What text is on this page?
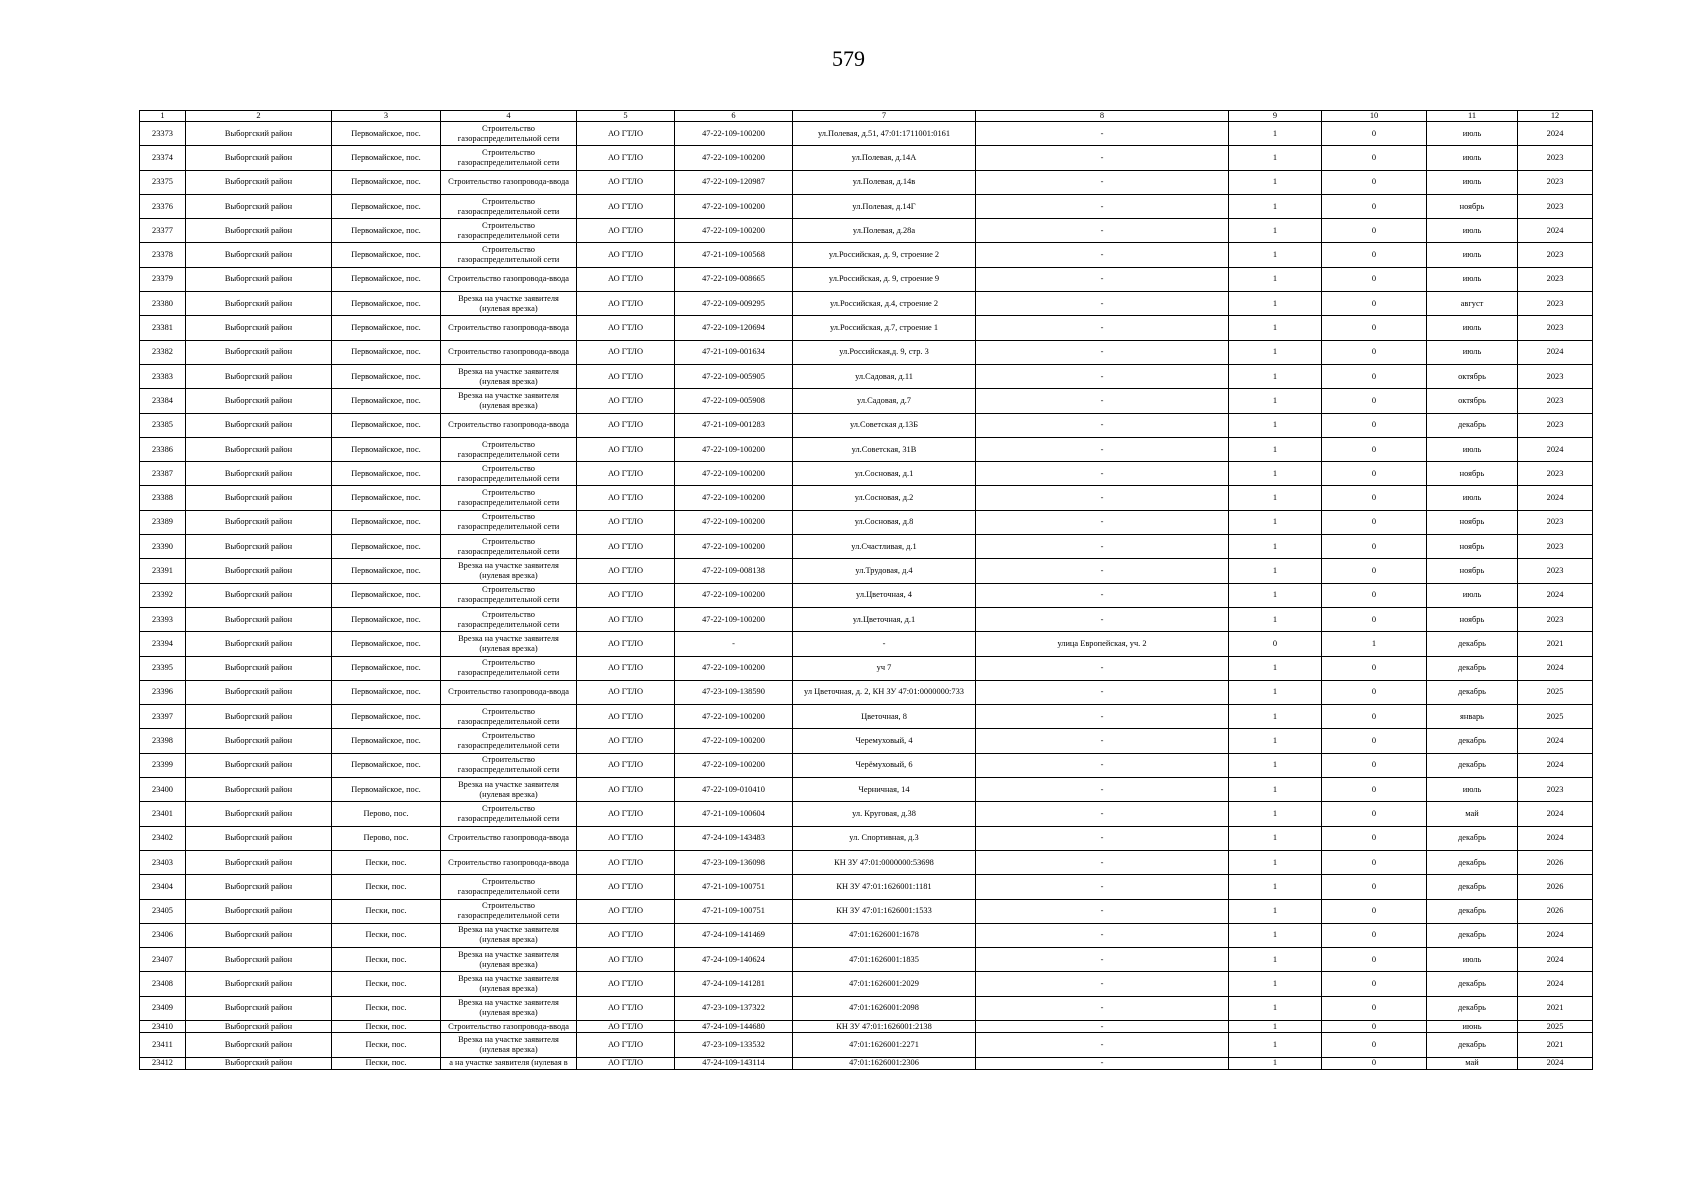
579
1	2	3	4	5	6	7	8	9	10	11	12
23373	Выборгский район	Первомайское, пос.	Строительство газораспределительной сети	АО ГТЛО	47-22-109-100200	ул.Полевая, д.51, 47:01:1711001:0161	-	1	0	июль	2024
23374	Выборгский район	Первомайское, пос.	Строительство газораспределительной сети	АО ГТЛО	47-22-109-100200	ул.Полевая, д.14А	-	1	0	июль	2023
23375	Выборгский район	Первомайское, пос.	Строительство газопровода-ввода	АО ГТЛО	47-22-109-120987	ул.Полевая, д.14в	-	1	0	июль	2023
23376	Выборгский район	Первомайское, пос.	Строительство газораспределительной сети	АО ГТЛО	47-22-109-100200	ул.Полевая, д.14Г	-	1	0	ноябрь	2023
23377	Выборгский район	Первомайское, пос.	Строительство газораспределительной сети	АО ГТЛО	47-22-109-100200	ул.Полевая, д.28а	-	1	0	июль	2024
23378	Выборгский район	Первомайское, пос.	Строительство газораспределительной сети	АО ГТЛО	47-21-109-100568	ул.Российская, д. 9, строение 2	-	1	0	июль	2023
23379	Выборгский район	Первомайское, пос.	Строительство газопровода-ввода	АО ГТЛО	47-22-109-008665	ул.Российская, д. 9, строение 9	-	1	0	июль	2023
23380	Выборгский район	Первомайское, пос.	Врезка на участке заявителя (нулевая врезка)	АО ГТЛО	47-22-109-009295	ул.Российская, д.4, строение 2	-	1	0	август	2023
23381	Выборгский район	Первомайское, пос.	Строительство газопровода-ввода	АО ГТЛО	47-22-109-120694	ул.Российская, д.7, строение 1	-	1	0	июль	2023
23382	Выборгский район	Первомайское, пос.	Строительство газопровода-ввода	АО ГТЛО	47-21-109-001634	ул.Российская,д. 9, стр. 3	-	1	0	июль	2024
23383	Выборгский район	Первомайское, пос.	Врезка на участке заявителя (нулевая врезка)	АО ГТЛО	47-22-109-005905	ул.Садовая, д.11	-	1	0	октябрь	2023
23384	Выборгский район	Первомайское, пос.	Врезка на участке заявителя (нулевая врезка)	АО ГТЛО	47-22-109-005908	ул.Садовая, д.7	-	1	0	октябрь	2023
23385	Выборгский район	Первомайское, пос.	Строительство газопровода-ввода	АО ГТЛО	47-21-109-001283	ул.Советская д.13Б	-	1	0	декабрь	2023
23386	Выборгский район	Первомайское, пос.	Строительство газораспределительной сети	АО ГТЛО	47-22-109-100200	ул.Советская, 31В	-	1	0	июль	2024
23387	Выборгский район	Первомайское, пос.	Строительство газораспределительной сети	АО ГТЛО	47-22-109-100200	ул.Сосновая, д.1	-	1	0	ноябрь	2023
23388	Выборгский район	Первомайское, пос.	Строительство газораспределительной сети	АО ГТЛО	47-22-109-100200	ул.Сосновая, д.2	-	1	0	июль	2024
23389	Выборгский район	Первомайское, пос.	Строительство газораспределительной сети	АО ГТЛО	47-22-109-100200	ул.Сосновая, д.8	-	1	0	ноябрь	2023
23390	Выборгский район	Первомайское, пос.	Строительство газораспределительной сети	АО ГТЛО	47-22-109-100200	ул.Счастливая, д.1	-	1	0	ноябрь	2023
23391	Выборгский район	Первомайское, пос.	Врезка на участке заявителя (нулевая врезка)	АО ГТЛО	47-22-109-008138	ул.Трудовая, д.4	-	1	0	ноябрь	2023
23392	Выборгский район	Первомайское, пос.	Строительство газораспределительной сети	АО ГТЛО	47-22-109-100200	ул.Цветочная, 4	-	1	0	июль	2024
23393	Выборгский район	Первомайское, пос.	Строительство газораспределительной сети	АО ГТЛО	47-22-109-100200	ул.Цветочная, д.1	-	1	0	ноябрь	2023
23394	Выборгский район	Первомайское, пос.	Врезка на участке заявителя (нулевая врезка)	АО ГТЛО	-	-	улица Европейская, уч. 2	0	1	декабрь	2021
23395	Выборгский район	Первомайское, пос.	Строительство газораспределительной сети	АО ГТЛО	47-22-109-100200	уч 7	-	1	0	декабрь	2024
23396	Выборгский район	Первомайское, пос.	Строительство газопровода-ввода	АО ГТЛО	47-23-109-138590	ул Цветочная, д. 2, КН ЗУ 47:01:0000000:733	-	1	0	декабрь	2025
23397	Выборгский район	Первомайское, пос.	Строительство газораспределительной сети	АО ГТЛО	47-22-109-100200	Цветочная, 8	-	1	0	январь	2025
23398	Выборгский район	Первомайское, пос.	Строительство газораспределительной сети	АО ГТЛО	47-22-109-100200	Черемуховый, 4	-	1	0	декабрь	2024
23399	Выборгский район	Первомайское, пос.	Строительство газораспределительной сети	АО ГТЛО	47-22-109-100200	Черёмуховый, 6	-	1	0	декабрь	2024
23400	Выборгский район	Первомайское, пос.	Врезка на участке заявителя (нулевая врезка)	АО ГТЛО	47-22-109-010410	Черничная, 14	-	1	0	июль	2023
23401	Выборгский район	Перово, пос.	Строительство газораспределительной сети	АО ГТЛО	47-21-109-100604	ул. Круговая, д.38	-	1	0	май	2024
23402	Выборгский район	Перово, пос.	Строительство газопровода-ввода	АО ГТЛО	47-24-109-143483	ул. Спортивная, д.3	-	1	0	декабрь	2024
23403	Выборгский район	Пески, пос.	Строительство газопровода-ввода	АО ГТЛО	47-23-109-136098	КН ЗУ 47:01:0000000:53698	-	1	0	декабрь	2026
23404	Выборгский район	Пески, пос.	Строительство газораспределительной сети	АО ГТЛО	47-21-109-100751	КН ЗУ 47:01:1626001:1181	-	1	0	декабрь	2026
23405	Выборгский район	Пески, пос.	Строительство газораспределительной сети	АО ГТЛО	47-21-109-100751	КН ЗУ 47:01:1626001:1533	-	1	0	декабрь	2026
23406	Выборгский район	Пески, пос.	Врезка на участке заявителя (нулевая врезка)	АО ГТЛО	47-24-109-141469	47:01:1626001:1678	-	1	0	декабрь	2024
23407	Выборгский район	Пески, пос.	Врезка на участке заявителя (нулевая врезка)	АО ГТЛО	47-24-109-140624	47:01:1626001:1835	-	1	0	июль	2024
23408	Выборгский район	Пески, пос.	Врезка на участке заявителя (нулевая врезка)	АО ГТЛО	47-24-109-141281	47:01:1626001:2029	-	1	0	декабрь	2024
23409	Выборгский район	Пески, пос.	Врезка на участке заявителя (нулевая врезка)	АО ГТЛО	47-23-109-137322	47:01:1626001:2098	-	1	0	декабрь	2021
23410	Выборгский район	Пески, пос.	Строительство газопровода-ввода	АО ГТЛО	47-24-109-144680	КН ЗУ 47:01:1626001:2138	-	1	0	июнь	2025
23411	Выборгский район	Пески, пос.	Врезка на участке заявителя (нулевая врезка)	АО ГТЛО	47-23-109-133532	47:01:1626001:2271	-	1	0	декабрь	2021
23412	Выборгский район	Пески, пос.	а на участке заявителя (нулевая в	АО ГТЛО	47-24-109-143114	47:01:1626001:2306	-	1	0	май	2024
